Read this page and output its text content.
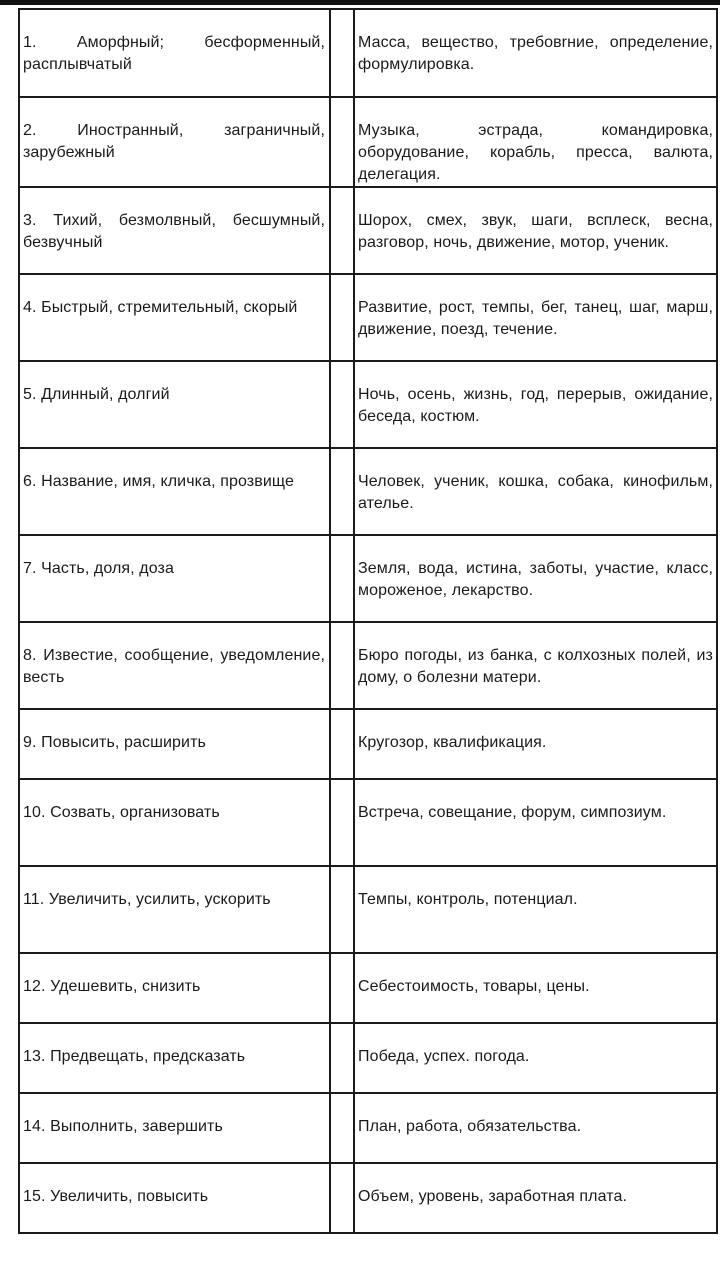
1. Аморфный; бесформенный, расплывчатый		Масса, вещество, требовrние, определение, формулировка.
2. Иностранный, заграничный, зарубежный		Музыка, эстрада, командировка, оборудование, корабль, пресса, валюта, делегация.
3. Тихий, безмолвный, бесшумный, безвучный		Шорох, смех, звук, шаги, всплеск, весна, разговор, ночь, движение, мотор, ученик.
4. Быстрый, стремительный, скорый		Развитие, рост, темпы, бег, танец, шаг, марш, движение, поезд, течение.
5. Длинный, долгий		Ночь, осень, жизнь, год, перерыв, ожидание, беседа, костюм.
6. Название, имя, кличка, прозвище		Человек, ученик, кошка, собака, кинофильм, ателье.
7. Часть, доля, доза		Земля, вода, истина, заботы, участие, класс, мороженое, лекарство.
8. Известие, сообщение, уведомление, весть		Бюро погоды, из банка, с колхозных полей, из дому, о болезни матери.
9. Повысить, расширить		Кругозор, квалификация.
10. Созвать, организовать		Встреча, совещание, форум, симпозиум.
11. Увеличить, усилить, ускорить		Темпы, контроль, потенциал.
12. Удешевить, снизить		Себестоимость, товары, цены.
13. Предвещать, предсказать		Победа, успех. погода.
14. Выполнить, завершить		План, работа, обязательства.
15. Увеличить, повысить		Объем, уровень, заработная плата.
